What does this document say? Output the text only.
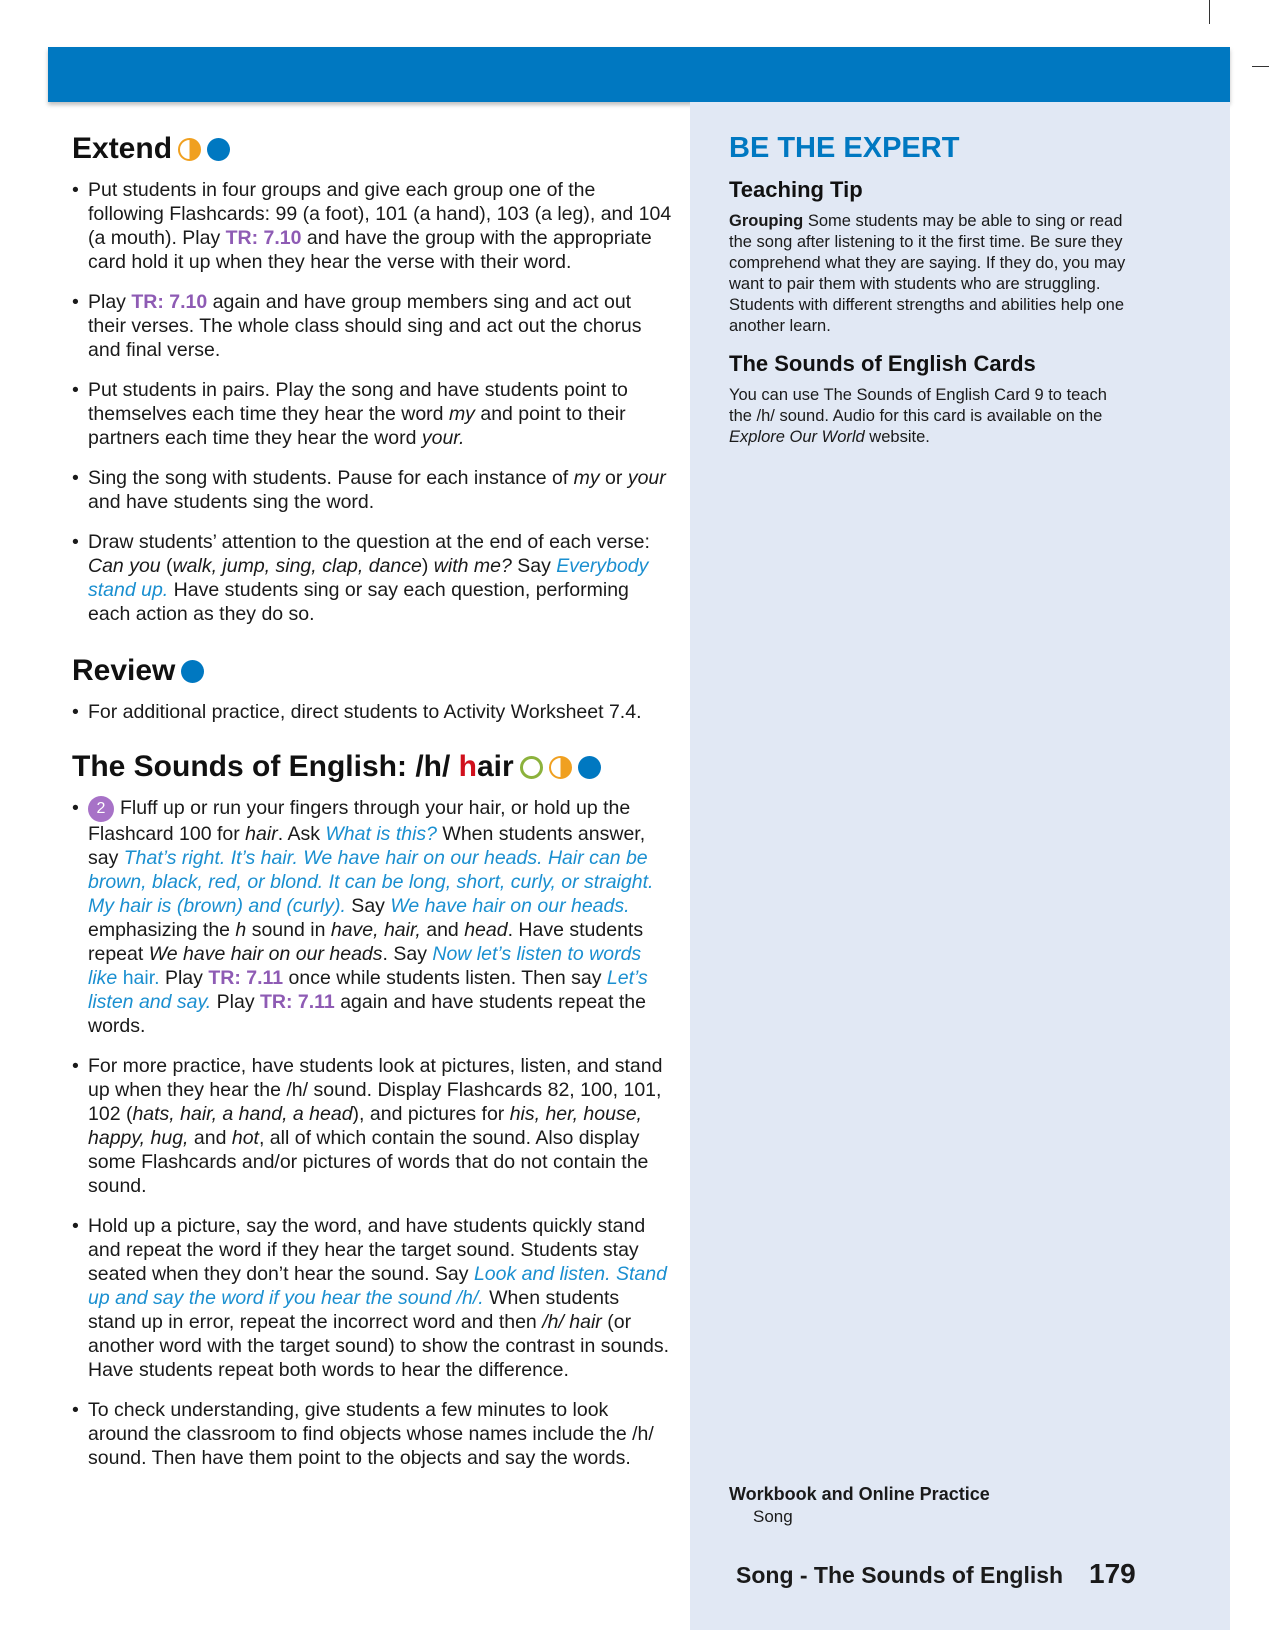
Extend
• Put students in four groups and give each group one of the following Flashcards: 99 (a foot), 101 (a hand), 103 (a leg), and 104 (a mouth). Play TR: 7.10 and have the group with the appropriate card hold it up when they hear the verse with their word.
• Play TR: 7.10 again and have group members sing and act out their verses. The whole class should sing and act out the chorus and final verse.
• Put students in pairs. Play the song and have students point to themselves each time they hear the word my and point to their partners each time they hear the word your.
• Sing the song with students. Pause for each instance of my or your and have students sing the word.
• Draw students’ attention to the question at the end of each verse: Can you (walk, jump, sing, clap, dance) with me? Say Everybody stand up. Have students sing or say each question, performing each action as they do so.
Review
• For additional practice, direct students to Activity Worksheet 7.4.
The Sounds of English: /h/ hair
• 2 Fluff up or run your fingers through your hair, or hold up the Flashcard 100 for hair. Ask What is this? When students answer, say That’s right. It’s hair. We have hair on our heads. Hair can be brown, black, red, or blond. It can be long, short, curly, or straight. My hair is (brown) and (curly). Say We have hair on our heads. emphasizing the h sound in have, hair, and head. Have students repeat We have hair on our heads. Say Now let’s listen to words like hair. Play TR: 7.11 once while students listen. Then say Let’s listen and say. Play TR: 7.11 again and have students repeat the words.
• For more practice, have students look at pictures, listen, and stand up when they hear the /h/ sound. Display Flashcards 82, 100, 101, 102 (hats, hair, a hand, a head), and pictures for his, her, house, happy, hug, and hot, all of which contain the sound. Also display some Flashcards and/or pictures of words that do not contain the sound.
• Hold up a picture, say the word, and have students quickly stand and repeat the word if they hear the target sound. Students stay seated when they don’t hear the sound. Say Look and listen. Stand up and say the word if you hear the sound /h/. When students stand up in error, repeat the incorrect word and then /h/ hair (or another word with the target sound) to show the contrast in sounds. Have students repeat both words to hear the difference.
• To check understanding, give students a few minutes to look around the classroom to find objects whose names include the /h/ sound. Then have them point to the objects and say the words.
BE THE EXPERT
Teaching Tip

Grouping Some students may be able to sing or read the song after listening to it the first time. Be sure they comprehend what they are saying. If they do, you may want to pair them with students who are struggling. Students with different strengths and abilities help one another learn.

The Sounds of English Cards

You can use The Sounds of English Card 9 to teach the /h/ sound. Audio for this card is available on the Explore Our World website.

Workbook and Online Practice
Song
Song - The Sounds of English 179
